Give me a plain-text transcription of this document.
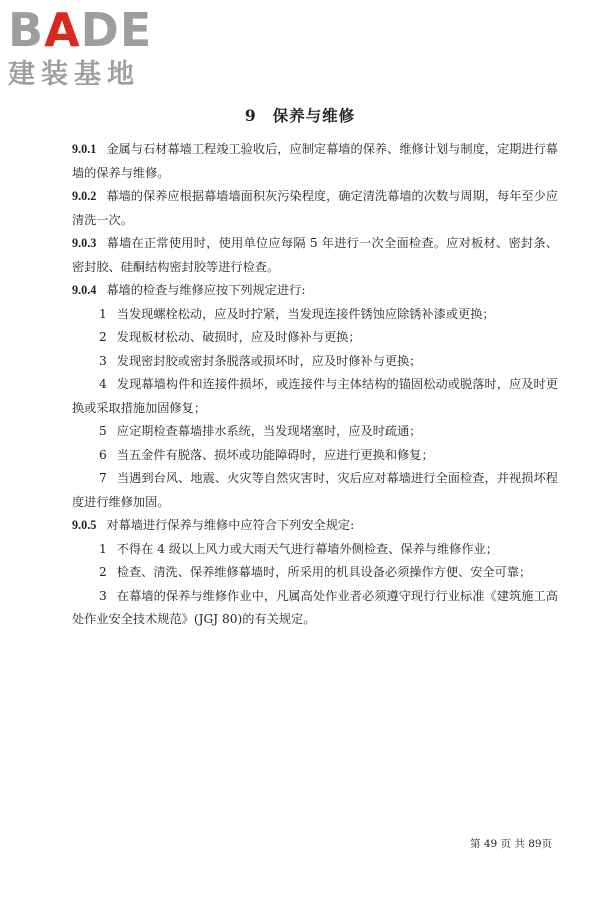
BADE
建装基地
9 保养与维修

9.0.1 金属与石材幕墙工程竣工验收后，应制定幕墙的保养、维修计划与制度，定期进行幕墙的保养与维修。

9.0.2 幕墙的保养应根据幕墙墙面积灰污染程度，确定清洗幕墙的次数与周期，每年至少应清洗一次。

9.0.3 幕墙在正常使用时，使用单位应每隔 5 年进行一次全面检查。应对板材、密封条、密封胶、硅酮结构密封胶等进行检查。

9.0.4 幕墙的检查与维修应按下列规定进行:

1 当发现螺栓松动，应及时拧紧，当发现连接件锈蚀应除锈补漆或更换；

2 发现板材松动、破损时，应及时修补与更换；

3 发现密封胶或密封条脱落或损坏时，应及时修补与更换；

4 发现幕墙构件和连接件损坏，或连接件与主体结构的锚固松动或脱落时，应及时更换或采取措施加固修复；

5 应定期检查幕墙排水系统，当发现堵塞时，应及时疏通；

6 当五金件有脱落、损坏或功能障碍时，应进行更换和修复；

7 当遇到台风、地震、火灾等自然灾害时，灾后应对幕墙进行全面检查，并视损坏程度进行维修加固。

9.0.5 对幕墙进行保养与维修中应符合下列安全规定:

1 不得在 4 级以上风力或大雨天气进行幕墙外侧检查、保养与维修作业；

2 检查、清洗、保养维修幕墙时，所采用的机具设备必须操作方便、安全可靠；

3 在幕墙的保养与维修作业中，凡属高处作业者必须遵守现行行业标准《建筑施工高处作业安全技术规范》(JGJ 80)的有关规定。

第 49 页 共 89页
